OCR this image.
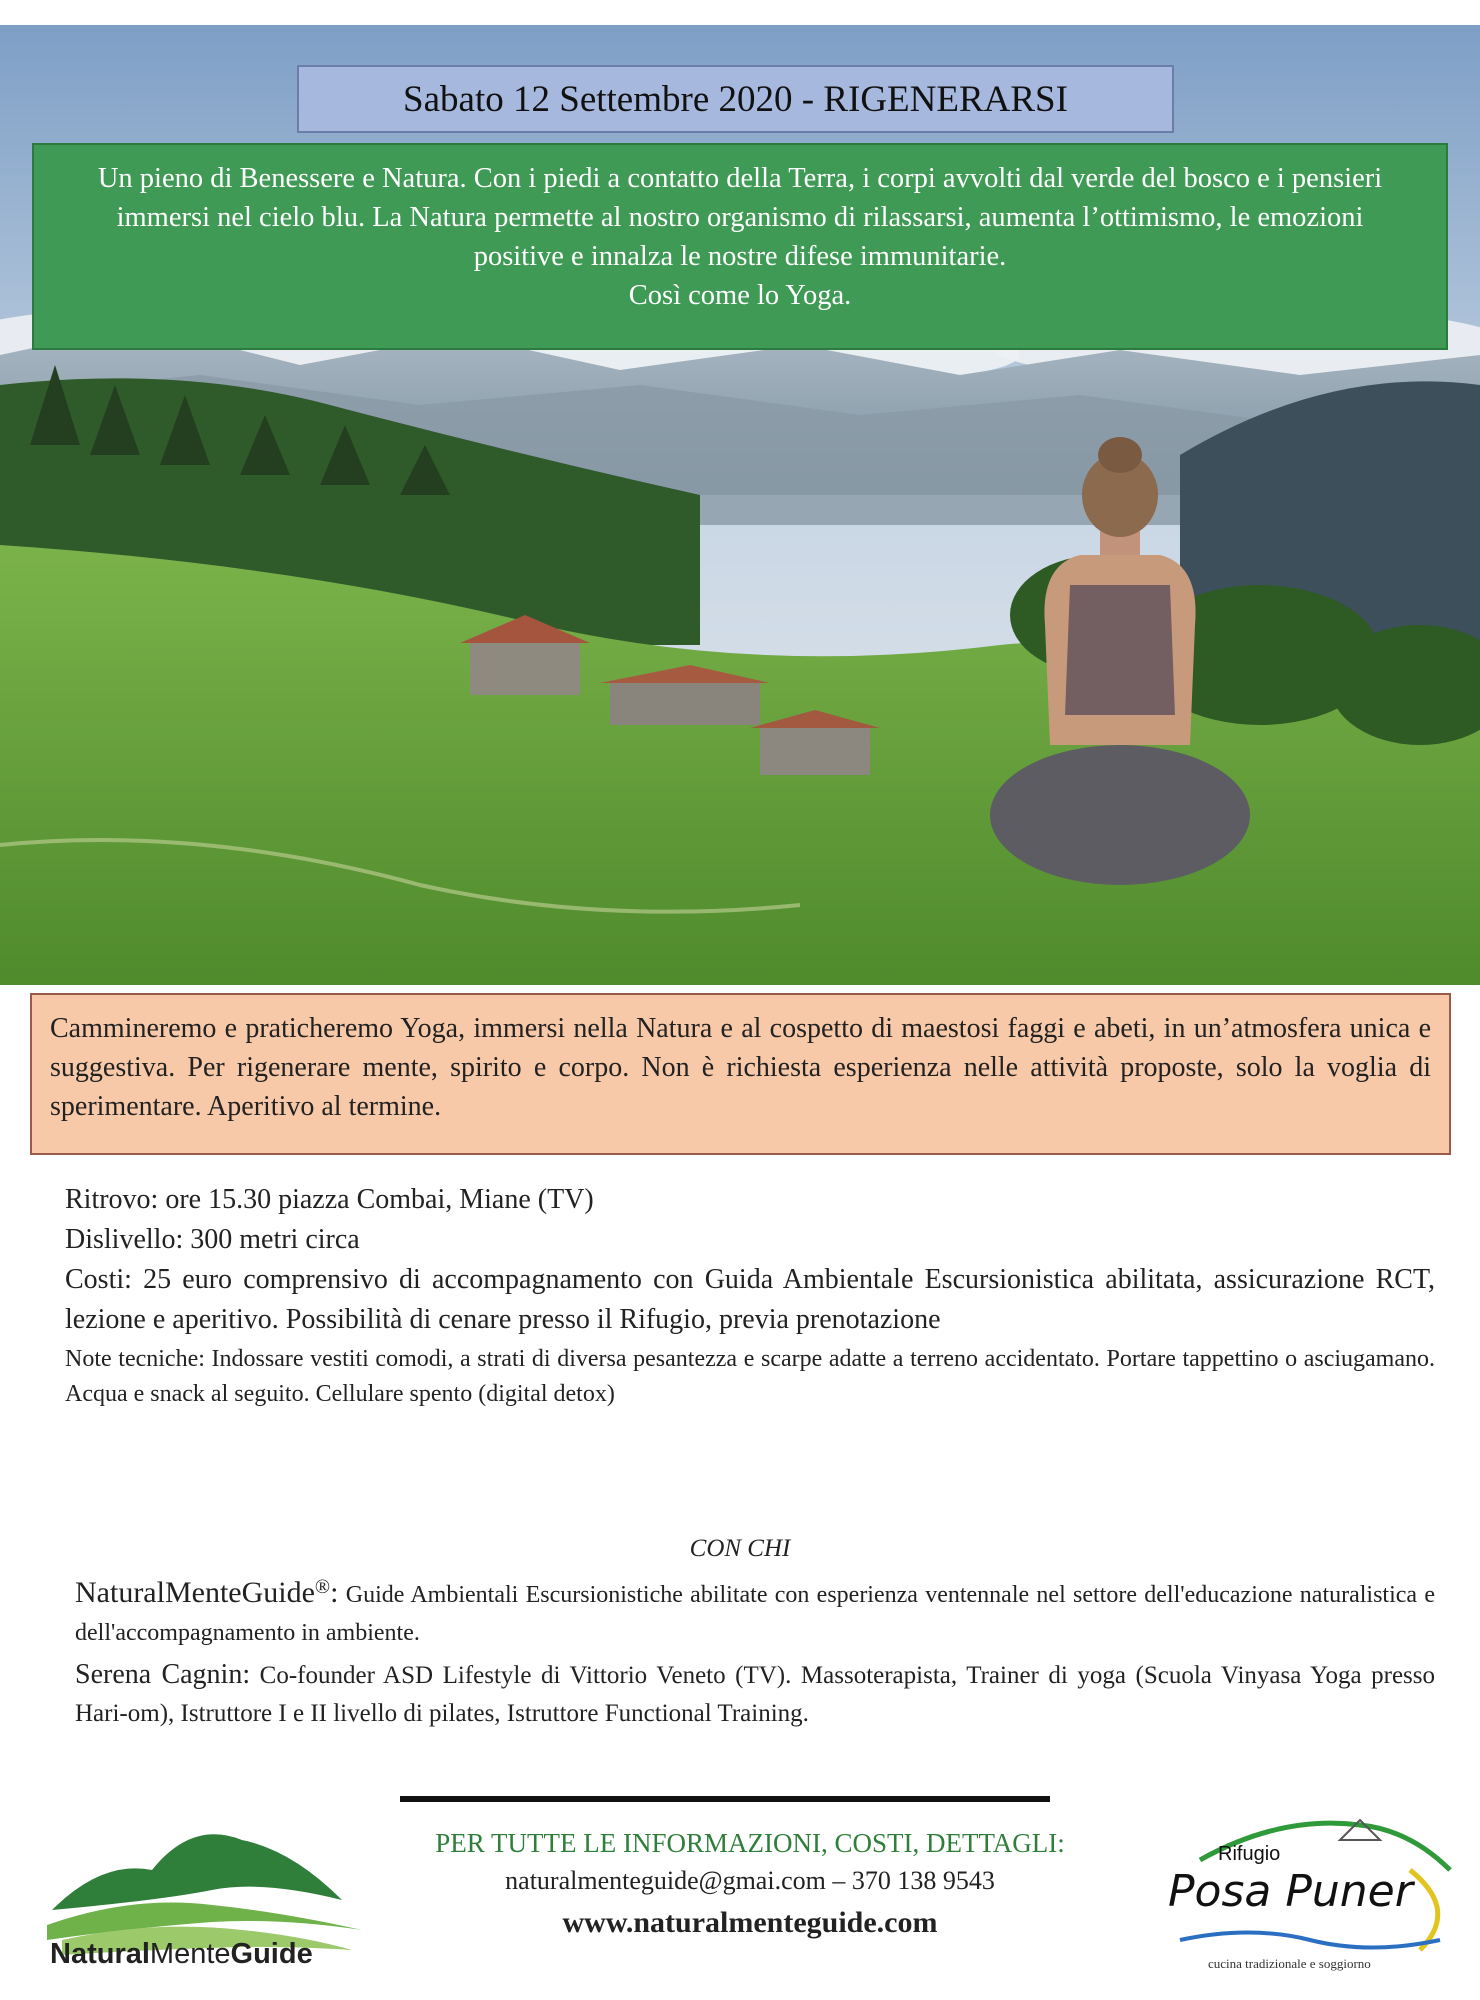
Sabato 12 Settembre 2020 - RIGENERARSI

Un pieno di Benessere e Natura. Con i piedi a contatto della Terra, i corpi avvolti dal verde del bosco e i pensieri immersi nel cielo blu. La Natura permette al nostro organismo di rilassarsi, aumenta l’ottimismo, le emozioni positive e innalza le nostre difese immunitarie.

Così come lo Yoga.

Cammineremo e praticheremo Yoga, immersi nella Natura e al cospetto di maestosi faggi e abeti, in un’atmosfera unica e suggestiva. Per rigenerare mente, spirito e corpo. Non è richiesta esperienza nelle attività proposte, solo la voglia di sperimentare. Aperitivo al termine.

Ritrovo: ore 15.30 piazza Combai, Miane (TV)

Dislivello: 300 metri circa

Costi: 25 euro comprensivo di accompagnamento con Guida Ambientale Escursionistica abilitata, assicurazione RCT, lezione e aperitivo. Possibilità di cenare presso il Rifugio, previa prenotazione

Note tecniche: Indossare vestiti comodi, a strati di diversa pesantezza e scarpe adatte a terreno accidentato. Portare tappettino o asciugamano. Acqua e snack al seguito. Cellulare spento (digital detox)

CON CHI

NaturalMenteGuide®: Guide Ambientali Escursionistiche abilitate con esperienza ventennale nel settore dell'educazione naturalistica e dell'accompagnamento in ambiente.

Serena Cagnin: Co-founder ASD Lifestyle di Vittorio Veneto (TV). Massoterapista, Trainer di yoga (Scuola Vinyasa Yoga presso Hari-om), Istruttore I e II livello di pilates, Istruttore Functional Training.

NaturalMenteGuide
PER TUTTE LE INFORMAZIONI, COSTI, DETTAGLI:
naturalmenteguide@gmai.com – 370 138 9543
www.naturalmenteguide.com
Rifugio
Posa Puner
cucina tradizionale e soggiorno
